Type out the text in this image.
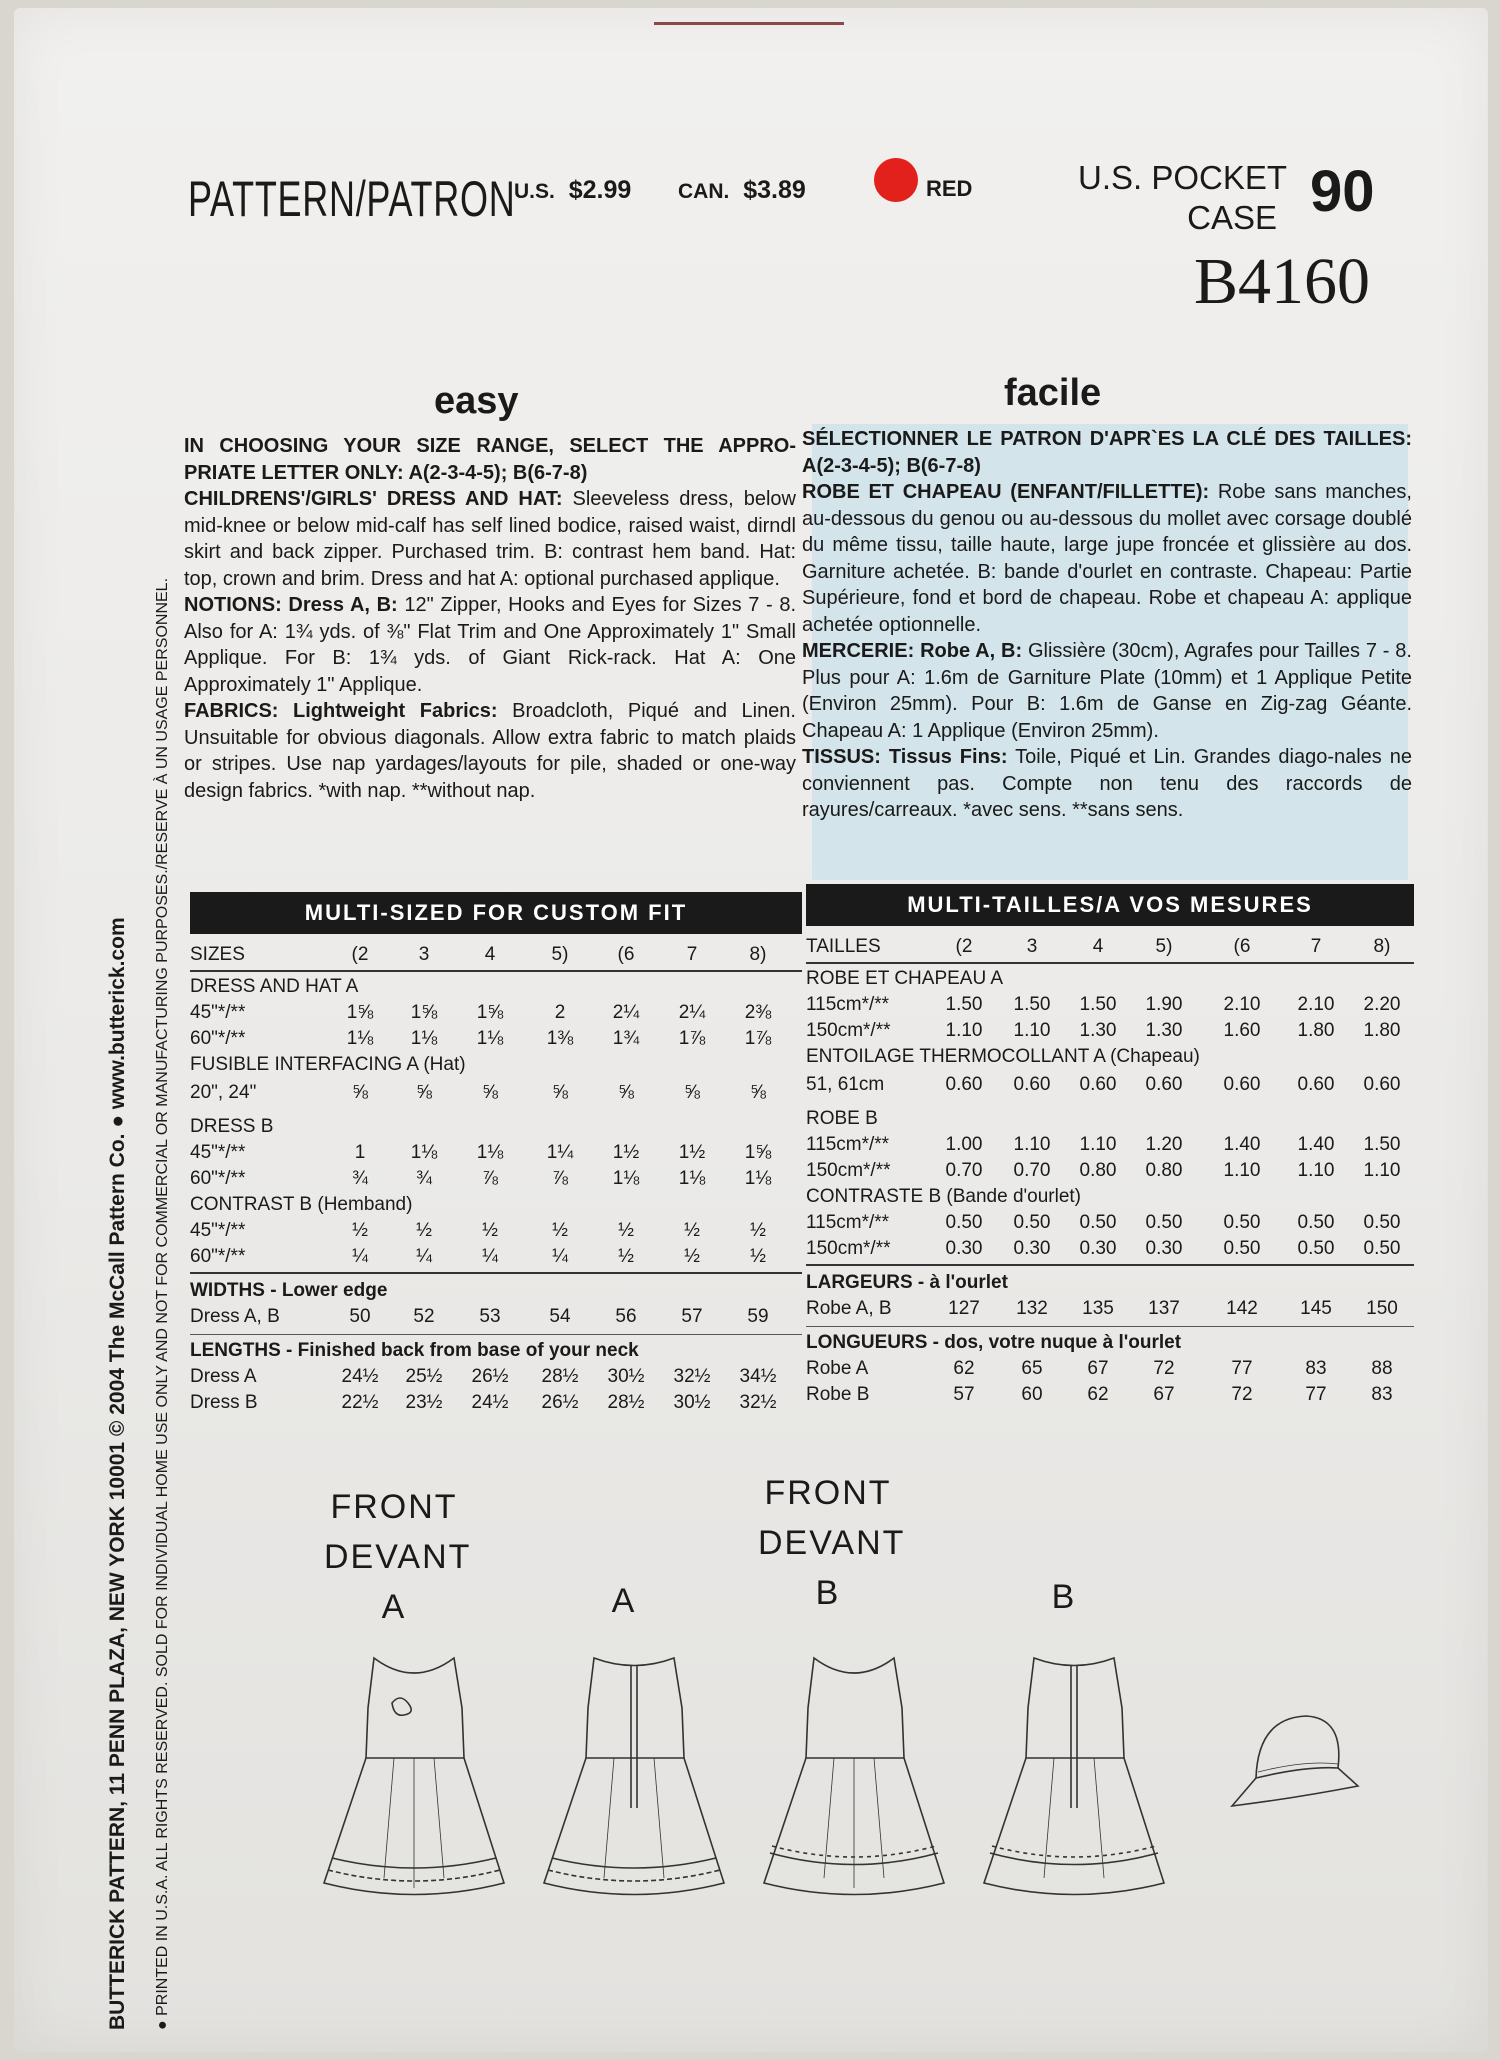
PATTERN/PATRON
U.S. $2.99 CAN. $3.89	RED	U.S. POCKET
CASE 90
B4160
BUTTERICK PATTERN, 11 PENN PLAZA, NEW YORK 10001 © 2004 The McCall Pattern Co. ● www.butterick.com ● PRINTED IN U.S.A. ALL RIGHTS RESERVED. SOLD FOR INDIVIDUAL HOME USE ONLY AND NOT FOR COMMERCIAL OR MANUFACTURING PURPOSES./RESERVE À UN USAGE PERSONNEL.
easy	facile

IN CHOOSING YOUR SIZE RANGE, SELECT THE APPRO-PRIATE LETTER ONLY: A(2-3-4-5); B(6-7-8)

CHILDRENS'/GIRLS' DRESS AND HAT: Sleeveless dress, below mid-knee or below mid-calf has self lined bodice, raised waist, dirndl skirt and back zipper. Purchased trim. B: contrast hem band. Hat: top, crown and brim. Dress and hat A: optional purchased applique.

NOTIONS: Dress A, B: 12" Zipper, Hooks and Eyes for Sizes 7 - 8. Also for A: 1¾ yds. of ⅜" Flat Trim and One Approximately 1" Small Applique. For B: 1¾ yds. of Giant Rick-rack. Hat A: One Approximately 1" Applique.

FABRICS: Lightweight Fabrics: Broadcloth, Piqué and Linen. Unsuitable for obvious diagonals. Allow extra fabric to match plaids or stripes. Use nap yardages/layouts for pile, shaded or one-way design fabrics. *with nap. **without nap.

SÉLECTIONNER LE PATRON D'APR`ES LA CLÉ DES TAILLES: A(2-3-4-5); B(6-7-8)

ROBE ET CHAPEAU (ENFANT/FILLETTE): Robe sans manches, au-dessous du genou ou au-dessous du mollet avec corsage doublé du même tissu, taille haute, large jupe froncée et glissière au dos. Garniture achetée. B: bande d'ourlet en contraste. Chapeau: Partie Supérieure, fond et bord de chapeau. Robe et chapeau A: applique achetée optionnelle.

MERCERIE: Robe A, B: Glissière (30cm), Agrafes pour Tailles 7 - 8. Plus pour A: 1.6m de Garniture Plate (10mm) et 1 Applique Petite (Environ 25mm). Pour B: 1.6m de Ganse en Zig-zag Géante. Chapeau A: 1 Applique (Environ 25mm).

TISSUS: Tissus Fins: Toile, Piqué et Lin. Grandes diago-nales ne conviennent pas. Compte non tenu des raccords de rayures/carreaux. *avec sens. **sans sens.

MULTI-SIZED FOR CUSTOM FIT	MULTI-TAILLES/A VOS MESURES
SIZES	(2	3	4	5)	(6	7	8)
DRESS AND HAT A
45"*/**	1⅝	1⅝	1⅝	2	2¼	2¼	2⅜
60"*/**	1⅛	1⅛	1⅛	1⅜	1¾	1⅞	1⅞
FUSIBLE INTERFACING A (Hat)
20", 24"	⅝	⅝	⅝	⅝	⅝	⅝	⅝
DRESS B
45"*/**	1	1⅛	1⅛	1¼	1½	1½	1⅝
60"*/**	¾	¾	⅞	⅞	1⅛	1⅛	1⅛
CONTRAST B (Hemband)
45"*/**	½	½	½	½	½	½	½
60"*/**	¼	¼	¼	¼	½	½	½
WIDTHS - Lower edge
Dress A, B	50	52	53	54	56	57	59
LENGTHS - Finished back from base of your neck
Dress A	24½	25½	26½	28½	30½	32½	34½
Dress B	22½	23½	24½	26½	28½	30½	32½
TAILLES	(2	3	4	5)	(6	7	8)
ROBE ET CHAPEAU A
115cm*/**	1.50	1.50	1.50	1.90	2.10	2.10	2.20
150cm*/**	1.10	1.10	1.30	1.30	1.60	1.80	1.80
ENTOILAGE THERMOCOLLANT A (Chapeau)
51, 61cm	0.60	0.60	0.60	0.60	0.60	0.60	0.60
ROBE B
115cm*/**	1.00	1.10	1.10	1.20	1.40	1.40	1.50
150cm*/**	0.70	0.70	0.80	0.80	1.10	1.10	1.10
CONTRASTE B (Bande d'ourlet)
115cm*/**	0.50	0.50	0.50	0.50	0.50	0.50	0.50
150cm*/**	0.30	0.30	0.30	0.30	0.50	0.50	0.50
LARGEURS - à l'ourlet
Robe A, B	127	132	135	137	142	145	150
LONGUEURS - dos, votre nuque à l'ourlet
Robe A	62	65	67	72	77	83	88
Robe B	57	60	62	67	72	77	83
FRONT
DEVANT
A	A
FRONT
DEVANT
B	B
